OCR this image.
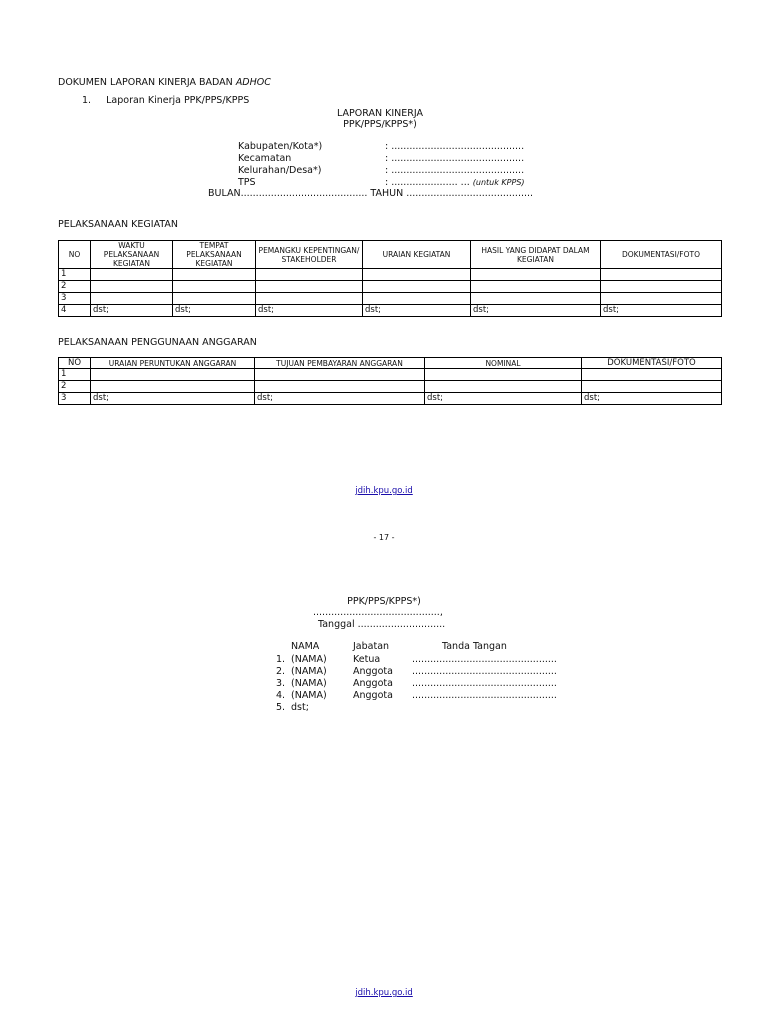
DOKUMEN LAPORAN KINERJA BADAN ADHOC
1. Laporan Kinerja PPK/PPS/KPPS
LAPORAN KINERJA
PPK/PPS/KPPS*)
Kabupaten/Kota*)	: ............................................
Kecamatan	: ............................................
Kelurahan/Desa*)	: ............................................
TPS	: ...................... ... (untuk KPPS)
BULAN.......................................... TAHUN ..........................................
PELAKSANAAN KEGIATAN
NO	WAKTU PELAKSANAAN KEGIATAN	TEMPAT PELAKSANAAN KEGIATAN	PEMANGKU KEPENTINGAN/ STAKEHOLDER	URAIAN KEGIATAN	HASIL YANG DIDAPAT DALAM KEGIATAN	DOKUMENTASI/FOTO
1						
2						
3						
4	dst;	dst;	dst;	dst;	dst;	dst;
PELAKSANAAN PENGGUNAAN ANGGARAN
NO	URAIAN PERUNTUKAN ANGGARAN	TUJUAN PEMBAYARAN ANGGARAN	NOMINAL	DOKUMENTASI/FOTO
1				
2				
3	dst;	dst;	dst;	dst;
jdih.kpu.go.id
- 17 -
PPK/PPS/KPPS*)
..........................................,
Tanggal .............................
NAMA	Jabatan	Tanda Tangan
1. (NAMA)	Ketua	................................................
2. (NAMA)	Anggota ................................................
3. (NAMA)	Anggota ................................................
4. (NAMA)	Anggota ................................................
5. dst;
jdih.kpu.go.id
